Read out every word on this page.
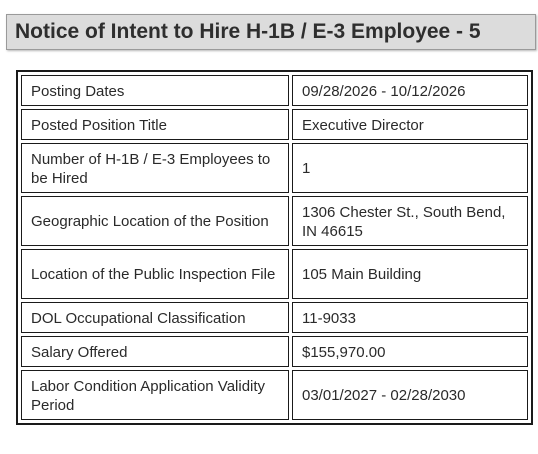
Notice of Intent to Hire H-1B / E-3 Employee - 5
Posting Dates	09/28/2026 - 10/12/2026
Posted Position Title	Executive Director
Number of H-1B / E-3 Employees to be Hired	1
Geographic Location of the Position	1306 Chester St., South Bend, IN 46615
Location of the Public Inspection File	105 Main Building
DOL Occupational Classification	11-9033
Salary Offered	$155,970.00
Labor Condition Application Validity Period	03/01/2027 - 02/28/2030
